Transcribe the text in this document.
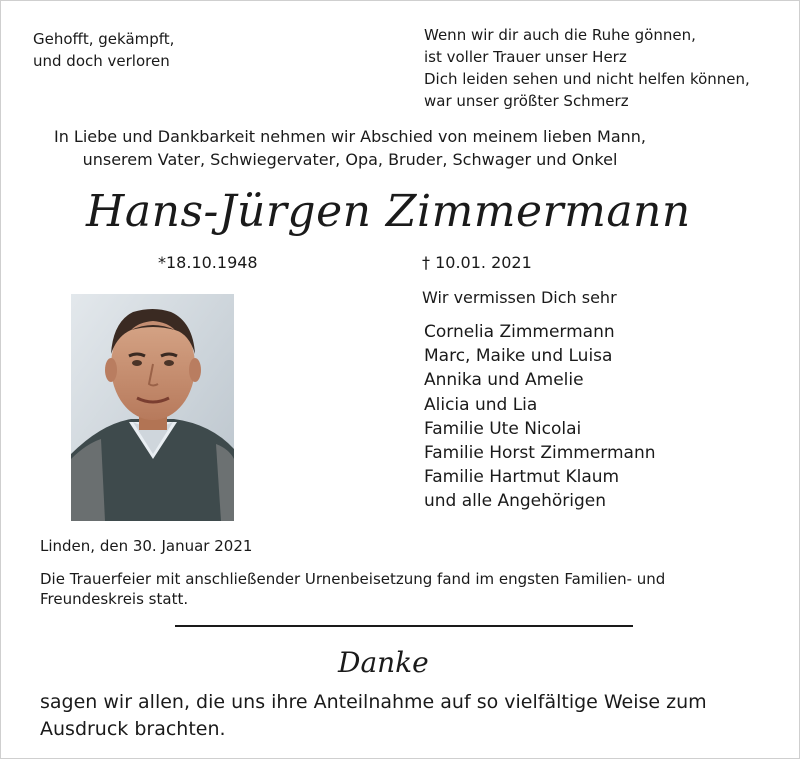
Gehofft, gekämpft,
und doch verloren
Wenn wir dir auch die Ruhe gönnen,
ist voller Trauer unser Herz
Dich leiden sehen und nicht helfen können,
war unser größter Schmerz
In Liebe und Dankbarkeit nehmen wir Abschied von meinem lieben Mann,
unserem Vater, Schwiegervater, Opa, Bruder, Schwager und Onkel
Hans-Jürgen Zimmermann
*18.10.1948	† 10.01. 2021
Wir vermissen Dich sehr
Cornelia Zimmermann
Marc, Maike und Luisa
Annika und Amelie
Alicia und Lia
Familie Ute Nicolai
Familie Horst Zimmermann
Familie Hartmut Klaum
und alle Angehörigen
Linden, den 30. Januar 2021
Die Trauerfeier mit anschließender Urnenbeisetzung fand im engsten Familien- und Freundeskreis statt.
Danke
sagen wir allen, die uns ihre Anteilnahme auf so vielfältige Weise zum Ausdruck brachten.
